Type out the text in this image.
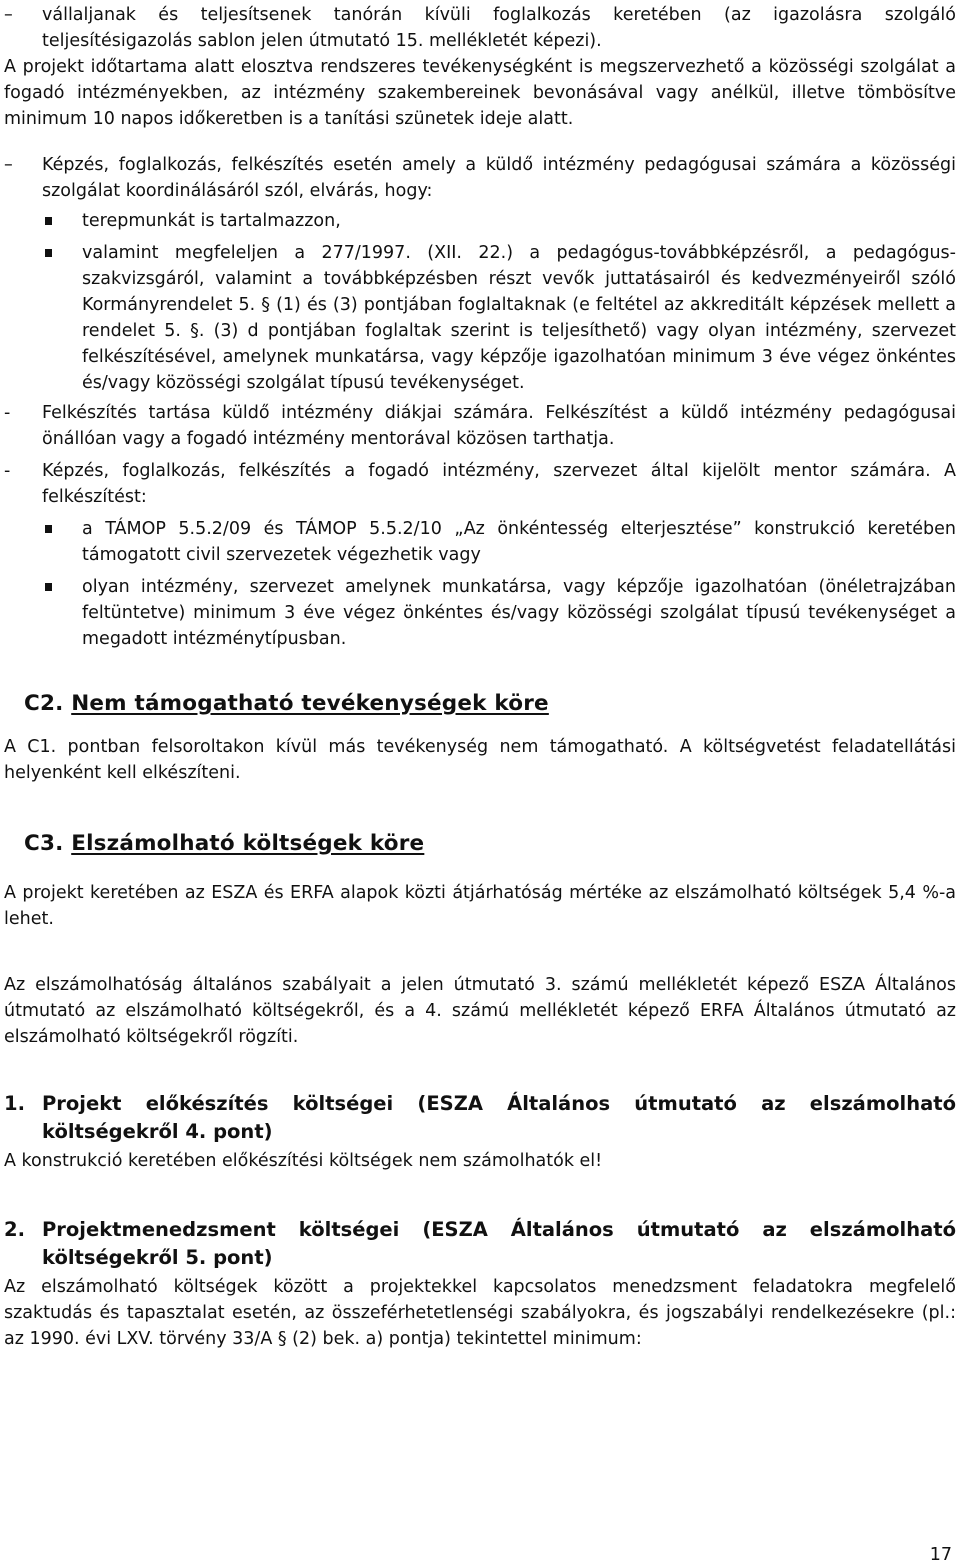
–	vállaljanak és teljesítsenek tanórán kívüli foglalkozás keretében (az igazolásra szolgáló teljesítésigazolás sablon jelen útmutató 15. mellékletét képezi).

A projekt időtartama alatt elosztva rendszeres tevékenységként is megszervezhető a közösségi szolgálat a fogadó intézményekben, az intézmény szakembereinek bevonásával vagy anélkül, illetve tömbösítve minimum 10 napos időkeretben is a tanítási szünetek ideje alatt.

–	Képzés, foglalkozás, felkészítés esetén amely a küldő intézmény pedagógusai számára a közösségi szolgálat koordinálásáról szól, elvárás, hogy:

terepmunkát is tartalmazzon,

valamint megfeleljen a 277/1997. (XII. 22.) a pedagógus-továbbképzésről, a pedagógus-szakvizsgáról, valamint a továbbképzésben részt vevők juttatásairól és kedvezményeiről szóló Kormányrendelet 5. § (1) és (3) pontjában foglaltaknak (e feltétel az akkreditált képzések mellett a rendelet 5. §. (3) d pontjában foglaltak szerint is teljesíthető) vagy olyan intézmény, szervezet felkészítésével, amelynek munkatársa, vagy képzője igazolhatóan minimum 3 éve végez önkéntes és/vagy közösségi szolgálat típusú tevékenységet.

-	Felkészítés tartása küldő intézmény diákjai számára. Felkészítést a küldő intézmény pedagógusai önállóan vagy a fogadó intézmény mentorával közösen tarthatja.

-	Képzés, foglalkozás, felkészítés a fogadó intézmény, szervezet által kijelölt mentor számára. A felkészítést:

a TÁMOP 5.5.2/09 és TÁMOP 5.5.2/10 „Az önkéntesség elterjesztése” konstrukció keretében támogatott civil szervezetek végezhetik vagy

olyan intézmény, szervezet amelynek munkatársa, vagy képzője igazolhatóan (önéletrajzában feltüntetve) minimum 3 éve végez önkéntes és/vagy közösségi szolgálat típusú tevékenységet a megadott intézménytípusban.

C2. Nem támogatható tevékenységek köre

A C1. pontban felsoroltakon kívül más tevékenység nem támogatható. A költségvetést feladatellátási helyenként kell elkészíteni.

C3. Elszámolható költségek köre

A projekt keretében az ESZA és ERFA alapok közti átjárhatóság mértéke az elszámolható költségek 5,4 %-a lehet.

Az elszámolhatóság általános szabályait a jelen útmutató 3. számú mellékletét képező ESZA Általános útmutató az elszámolható költségekről, és a 4. számú mellékletét képező ERFA Általános útmutató az elszámolható költségekről rögzíti.

1. Projekt előkészítés költségei (ESZA Általános útmutató az elszámolható költségekről 4. pont)

A konstrukció keretében előkészítési költségek nem számolhatók el!

2. Projektmenedzsment költségei (ESZA Általános útmutató az elszámolható költségekről 5. pont)

Az elszámolható költségek között a projektekkel kapcsolatos menedzsment feladatokra megfelelő szaktudás és tapasztalat esetén, az összeférhetetlenségi szabályokra, és jogszabályi rendelkezésekre (pl.: az 1990. évi LXV. törvény 33/A § (2) bek. a) pontja) tekintettel minimum:

17
